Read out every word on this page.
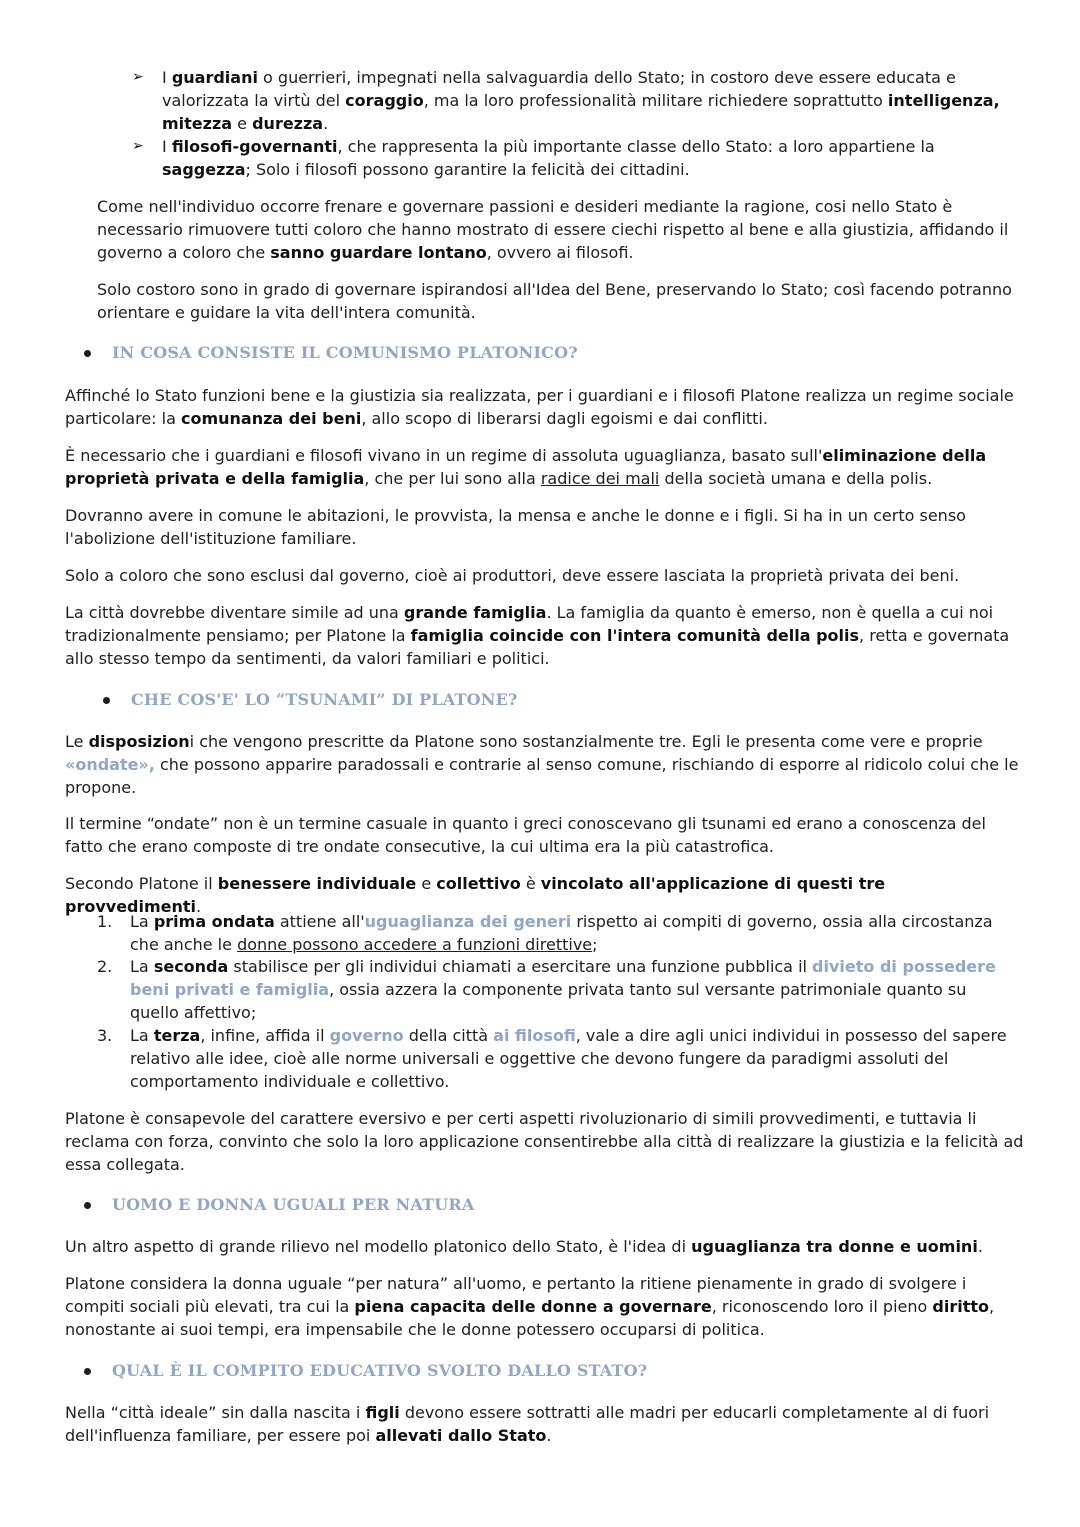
➢	I guardiani o guerrieri, impegnati nella salvaguardia dello Stato; in costoro deve essere educata e valorizzata la virtù del coraggio, ma la loro professionalità militare richiedere soprattutto intelligenza, mitezza e durezza.

➢	I filosofi-governanti, che rappresenta la più importante classe dello Stato: a loro appartiene la saggezza; Solo i filosofi possono garantire la felicità dei cittadini.

Come nell'individuo occorre frenare e governare passioni e desideri mediante la ragione, cosi nello Stato è necessario rimuovere tutti coloro che hanno mostrato di essere ciechi rispetto al bene e alla giustizia, affidando il governo a coloro che sanno guardare lontano, ovvero ai filosofi.

Solo costoro sono in grado di governare ispirandosi all'Idea del Bene, preservando lo Stato; così facendo potranno orientare e guidare la vita dell'intera comunità.

IN COSA CONSISTE IL COMUNISMO PLATONICO?

Affinché lo Stato funzioni bene e la giustizia sia realizzata, per i guardiani e i filosofi Platone realizza un regime sociale particolare: la comunanza dei beni, allo scopo di liberarsi dagli egoismi e dai conflitti.

È necessario che i guardiani e filosofi vivano in un regime di assoluta uguaglianza, basato sull'eliminazione della proprietà privata e della famiglia, che per lui sono alla radice dei mali della società umana e della polis.

Dovranno avere in comune le abitazioni, le provvista, la mensa e anche le donne e i figli. Si ha in un certo senso l'abolizione dell'istituzione familiare.

Solo a coloro che sono esclusi dal governo, cioè ai produttori, deve essere lasciata la proprietà privata dei beni.

La città dovrebbe diventare simile ad una grande famiglia. La famiglia da quanto è emerso, non è quella a cui noi tradizionalmente pensiamo; per Platone la famiglia coincide con l'intera comunità della polis, retta e governata allo stesso tempo da sentimenti, da valori familiari e politici.

CHE COS'E' LO “TSUNAMI” DI PLATONE?

Le disposizioni che vengono prescritte da Platone sono sostanzialmente tre. Egli le presenta come vere e proprie «ondate», che possono apparire paradossali e contrarie al senso comune, rischiando di esporre al ridicolo colui che le propone.

Il termine “ondate” non è un termine casuale in quanto i greci conoscevano gli tsunami ed erano a conoscenza del fatto che erano composte di tre ondate consecutive, la cui ultima era la più catastrofica.

Secondo Platone il benessere individuale e collettivo è vincolato all'applicazione di questi tre provvedimenti.

1.	La prima ondata attiene all'uguaglianza dei generi rispetto ai compiti di governo, ossia alla circostanza che anche le donne possono accedere a funzioni direttive;

2.	La seconda stabilisce per gli individui chiamati a esercitare una funzione pubblica il divieto di possedere beni privati e famiglia, ossia azzera la componente privata tanto sul versante patrimoniale quanto su quello affettivo;

3.	La terza, infine, affida il governo della città ai filosofi, vale a dire agli unici individui in possesso del sapere relativo alle idee, cioè alle norme universali e oggettive che devono fungere da paradigmi assoluti del comportamento individuale e collettivo.

Platone è consapevole del carattere eversivo e per certi aspetti rivoluzionario di simili provvedimenti, e tuttavia li reclama con forza, convinto che solo la loro applicazione consentirebbe alla città di realizzare la giustizia e la felicità ad essa collegata.

UOMO E DONNA UGUALI PER NATURA

Un altro aspetto di grande rilievo nel modello platonico dello Stato, è l'idea di uguaglianza tra donne e uomini.

Platone considera la donna uguale “per natura” all'uomo, e pertanto la ritiene pienamente in grado di svolgere i compiti sociali più elevati, tra cui la piena capacita delle donne a governare, riconoscendo loro il pieno diritto, nonostante ai suoi tempi, era impensabile che le donne potessero occuparsi di politica.

QUAL È IL COMPITO EDUCATIVO SVOLTO DALLO STATO?

Nella “città ideale” sin dalla nascita i figli devono essere sottratti alle madri per educarli completamente al di fuori dell'influenza familiare, per essere poi allevati dallo Stato.
